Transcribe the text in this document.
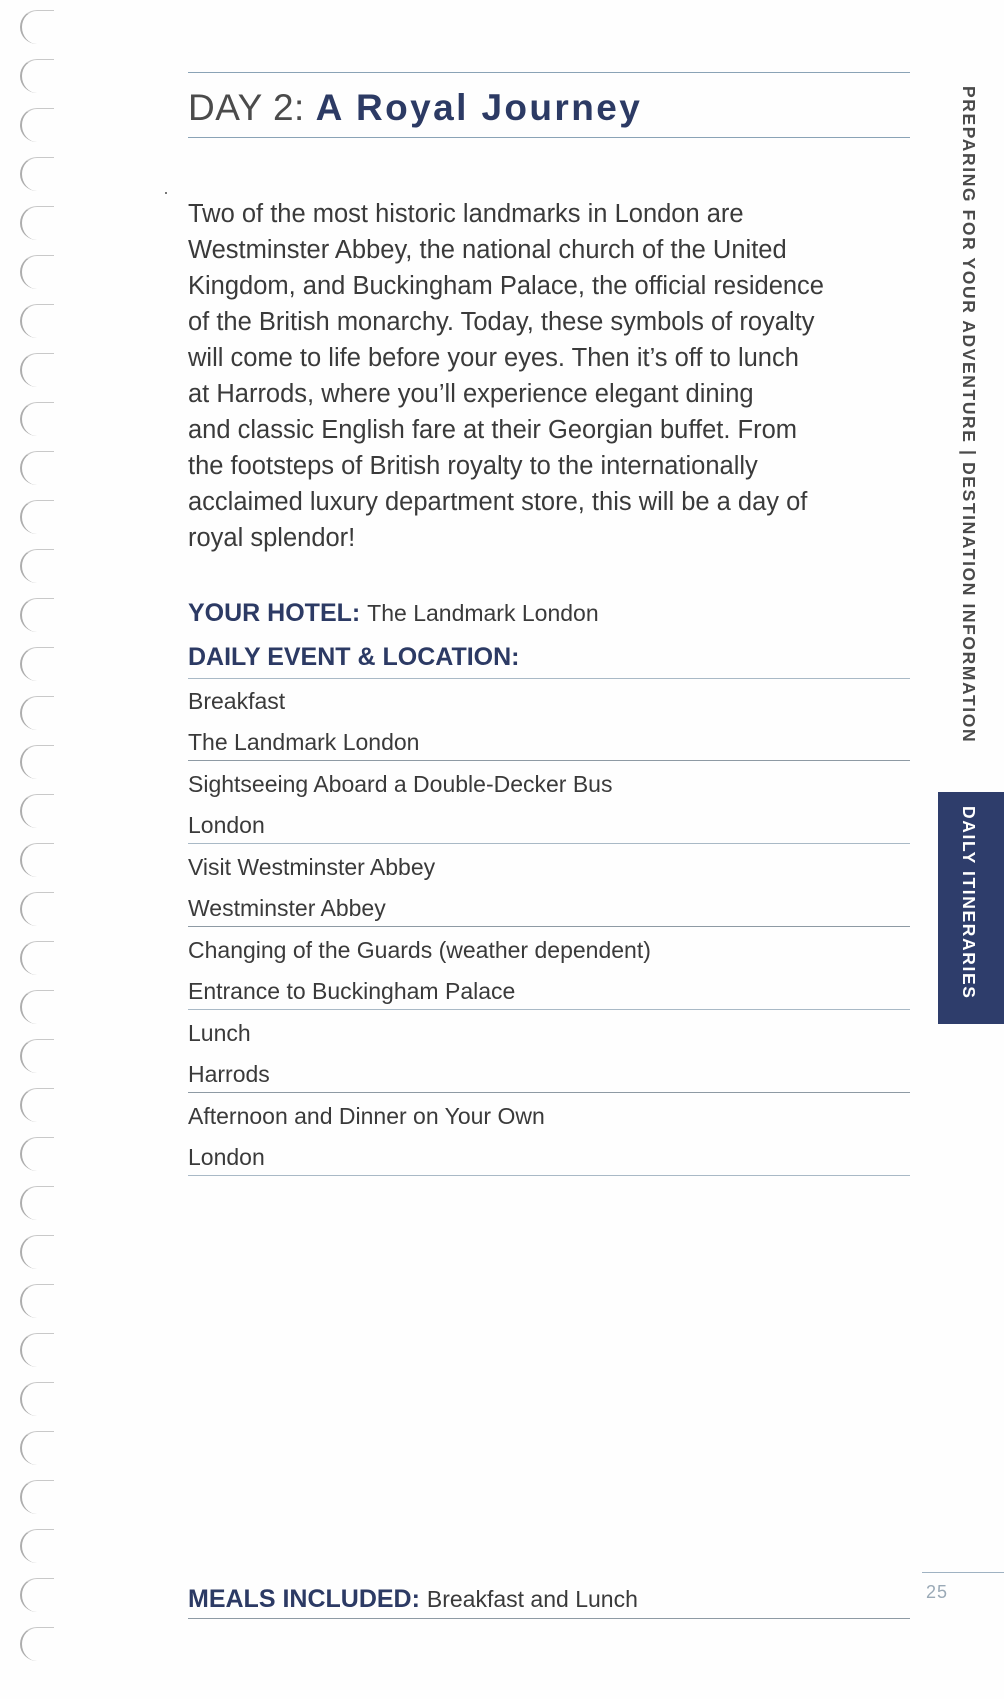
DAY 2: A Royal Journey
Two of the most historic landmarks in London are
Westminster Abbey, the national church of the United
Kingdom, and Buckingham Palace, the official residence
of the British monarchy. Today, these symbols of royalty
will come to life before your eyes. Then it’s off to lunch
at Harrods, where you’ll experience elegant dining
and classic English fare at their Georgian buffet. From
the footsteps of British royalty to the internationally
acclaimed luxury department store, this will be a day of
royal splendor!
YOUR HOTEL: The Landmark London
DAILY EVENT & LOCATION:
Breakfast
The Landmark London
Sightseeing Aboard a Double-Decker Bus
London
Visit Westminster Abbey
Westminster Abbey
Changing of the Guards (weather dependent)
Entrance to Buckingham Palace
Lunch
Harrods
Afternoon and Dinner on Your Own
London
MEALS INCLUDED: Breakfast and Lunch	25
PREPARING FOR YOUR ADVENTURE|DESTINATION INFORMATION
DAILY ITINERARIES
